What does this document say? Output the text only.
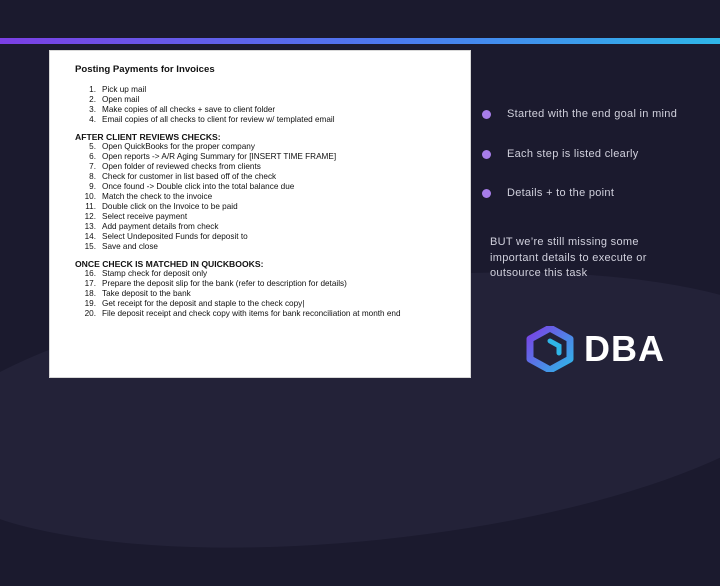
Posting Payments for Invoices
1. Pick up mail
2. Open mail
3. Make copies of all checks + save to client folder
4. Email copies of all checks to client for review w/ templated email
AFTER CLIENT REVIEWS CHECKS:
5. Open QuickBooks for the proper company
6. Open reports -> A/R Aging Summary for [INSERT TIME FRAME]
7. Open folder of reviewed checks from clients
8. Check for customer in list based off of the check
9. Once found -> Double click into the total balance due
10. Match the check to the invoice
11. Double click on the Invoice to be paid
12. Select receive payment
13. Add payment details from check
14. Select Undeposited Funds for deposit to
15. Save and close
ONCE CHECK IS MATCHED IN QUICKBOOKS:
16. Stamp check for deposit only
17. Prepare the deposit slip for the bank (refer to description for details)
18. Take deposit to the bank
19. Get receipt for the deposit and staple to the check copy|
20. File deposit receipt and check copy with items for bank reconciliation at month end
Started with the end goal in mind
Each step is listed clearly
Details + to the point
BUT we’re still missing some important details to execute or outsource this task
DBA
